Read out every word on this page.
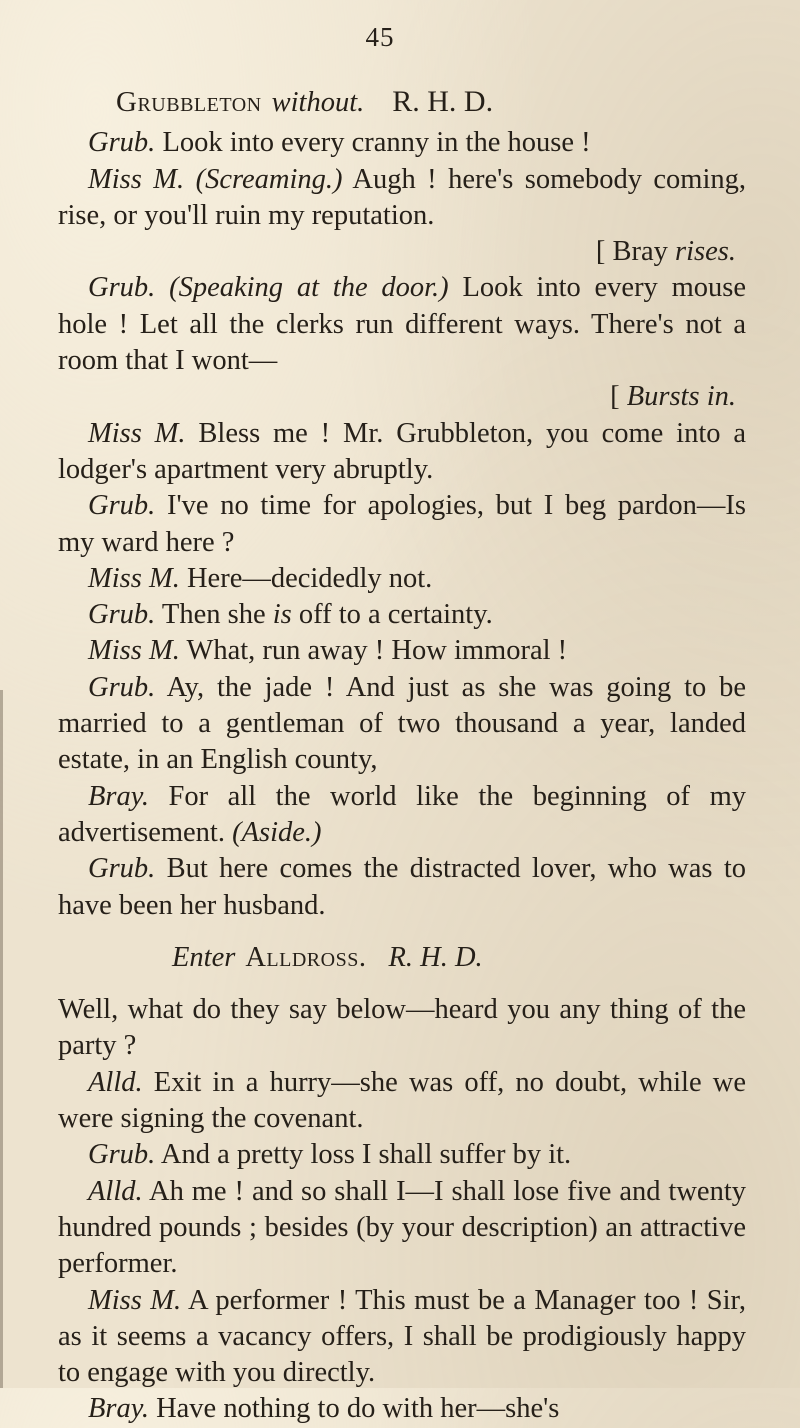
45

Grubbleton without. R. H. D.

Grub. Look into every cranny in the house !

Miss M. (Screaming.) Augh ! here's somebody coming, rise, or you'll ruin my reputation.

[ Bray rises.

Grub. (Speaking at the door.) Look into every mouse hole ! Let all the clerks run different ways. There's not a room that I wont—

[ Bursts in.

Miss M. Bless me ! Mr. Grubbleton, you come into a lodger's apartment very abruptly.

Grub. I've no time for apologies, but I beg pardon—Is my ward here ?

Miss M. Here—decidedly not.

Grub. Then she is off to a certainty.

Miss M. What, run away ! How immoral !

Grub. Ay, the jade ! And just as she was going to be married to a gentleman of two thousand a year, landed estate, in an English county,

Bray. For all the world like the beginning of my advertisement. (Aside.)

Grub. But here comes the distracted lover, who was to have been her husband.

Enter Alldross. R. H. D.

Well, what do they say below—heard you any thing of the party ?

Alld. Exit in a hurry—she was off, no doubt, while we were signing the covenant.

Grub. And a pretty loss I shall suffer by it.

Alld. Ah me ! and so shall I—I shall lose five and twenty hundred pounds ; besides (by your description) an attractive performer.

Miss M. A performer ! This must be a Manager too ! Sir, as it seems a vacancy offers, I shall be prodigiously happy to engage with you directly.

Bray. Have nothing to do with her—she's
